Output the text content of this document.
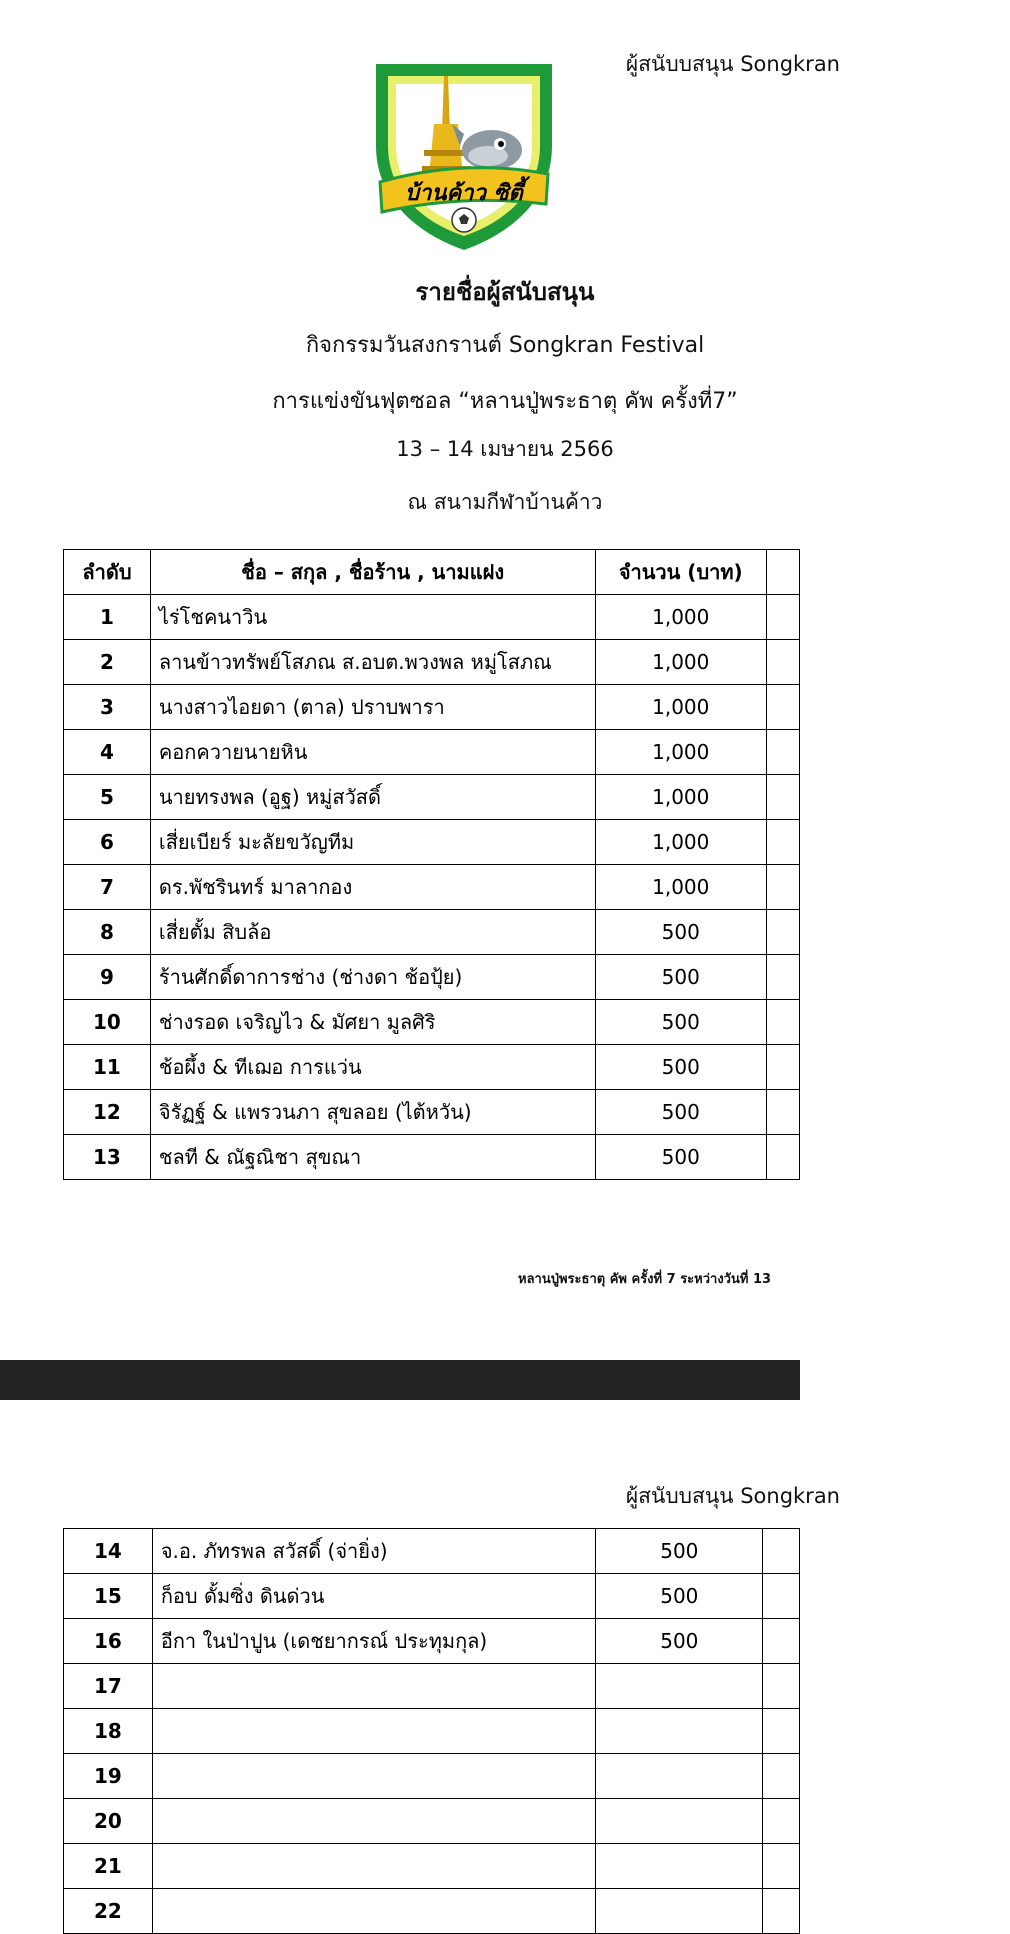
ผู้สนับบสนุน Songkran
บ้านค้าว ซิตี้
รายชื่อผู้สนับสนุน
กิจกรรมวันสงกรานต์ Songkran Festival
การแข่งขันฟุตซอล “หลานปู่พระธาตุ คัพ ครั้งที่7”
13 – 14 เมษายน 2566
ณ สนามกีฬาบ้านค้าว
ลำดับ	ชื่อ – สกุล , ชื่อร้าน , นามแฝง	จำนวน (บาท)	
1	ไร่โชคนาวิน	1,000	
2	ลานข้าวทรัพย์โสภณ ส.อบต.พวงพล หมู่โสภณ	1,000	
3	นางสาวไอยดา (ตาล) ปราบพารา	1,000	
4	คอกควายนายหิน	1,000	
5	นายทรงพล (อูฐ) หมู่สวัสดิ์	1,000	
6	เสี่ยเบียร์ มะลัยขวัญทีม	1,000	
7	ดร.พัชรินทร์ มาลากอง	1,000	
8	เสี่ยตั้ม สิบล้อ	500	
9	ร้านศักดิ์ดาการช่าง (ช่างดา ช้อปุ้ย)	500	
10	ช่างรอด เจริญไว & มัศยา มูลศิริ	500	
11	ช้อผึ้ง & ทีเฌอ การแว่น	500	
12	จิรัฏฐ์ & แพรวนภา สุขลอย (ไต้หวัน)	500	
13	ชลที & ณัฐณิชา สุขณา	500	
หลานปู่พระธาตุ คัพ ครั้งที่ 7 ระหว่างวันที่ 13
ผู้สนับบสนุน Songkran
14	จ.อ. ภัทรพล สวัสดิ์ (จ่ายิ่ง)	500	
15	ก็อบ ดั้มซิ่ง ดินด่วน	500	
16	อีกา ในป่าปูน (เดชยากรณ์ ประทุมกุล)	500	
17			
18			
19			
20			
21			
22			
